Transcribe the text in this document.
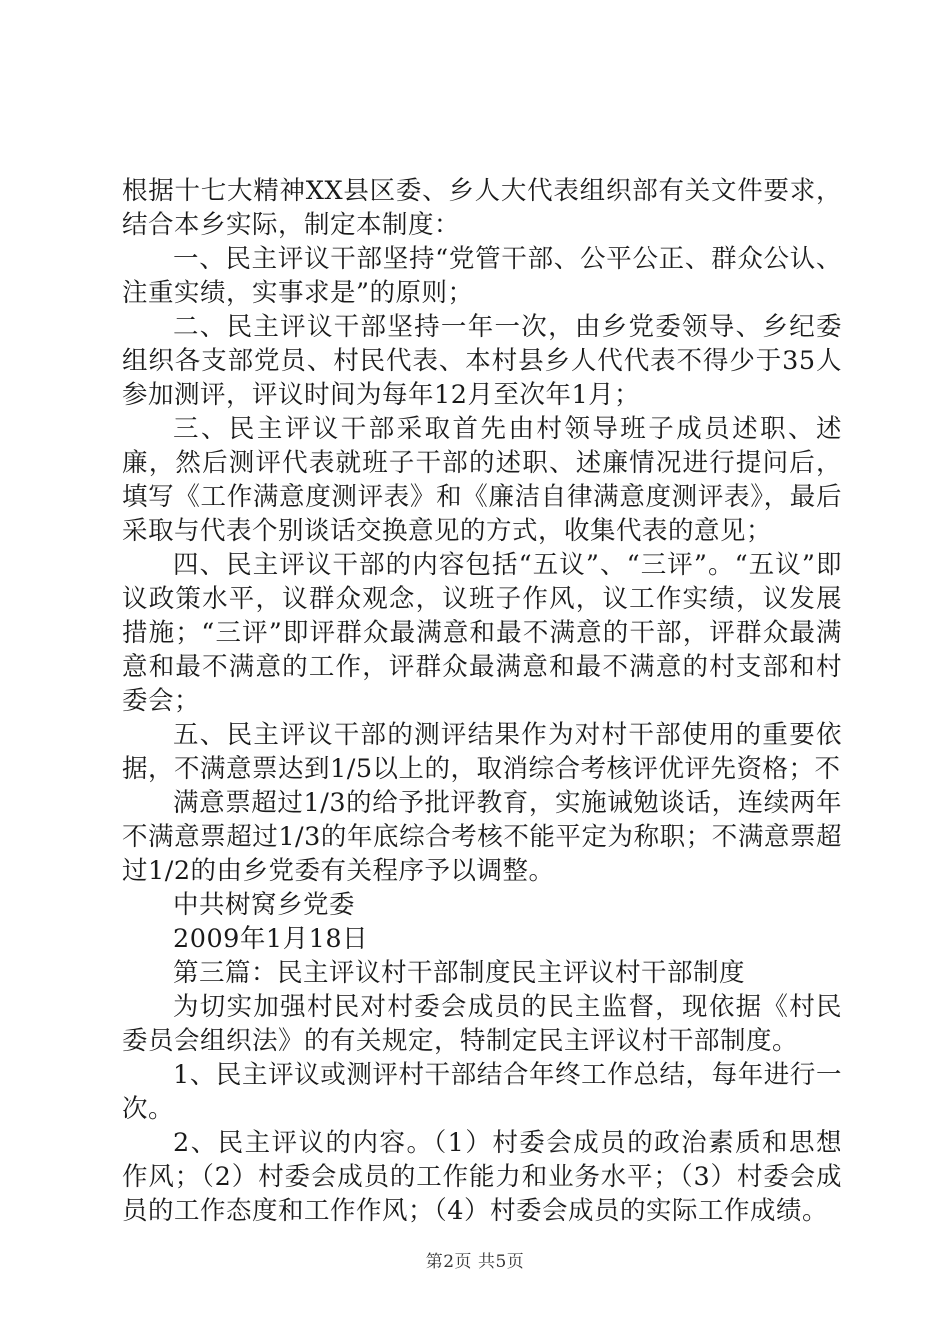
根据十七大精神XX县区委、乡人大代表组织部有关文件要求，结合本乡实际，制定本制度：

一、民主评议干部坚持“党管干部、公平公正、群众公认、注重实绩，实事求是”的原则；

二、民主评议干部坚持一年一次，由乡党委领导、乡纪委组织各支部党员、村民代表、本村县乡人代代表不得少于35人参加测评，评议时间为每年12月至次年1月；

三、民主评议干部采取首先由村领导班子成员述职、述廉，然后测评代表就班子干部的述职、述廉情况进行提问后，填写《工作满意度测评表》和《廉洁自律满意度测评表》，最后采取与代表个别谈话交换意见的方式，收集代表的意见；

四、民主评议干部的内容包括“五议”、“三评”。“五议”即议政策水平，议群众观念，议班子作风，议工作实绩，议发展措施；“三评”即评群众最满意和最不满意的干部，评群众最满意和最不满意的工作，评群众最满意和最不满意的村支部和村委会；

五、民主评议干部的测评结果作为对村干部使用的重要依据，不满意票达到1/5以上的，取消综合考核评优评先资格；不

满意票超过1/3的给予批评教育，实施诫勉谈话，连续两年不满意票超过1/3的年底综合考核不能平定为称职；不满意票超过1/2的由乡党委有关程序予以调整。

中共树窝乡党委

2009年1月18日

第三篇：民主评议村干部制度民主评议村干部制度

为切实加强村民对村委会成员的民主监督，现依据《村民委员会组织法》的有关规定，特制定民主评议村干部制度。

1、民主评议或测评村干部结合年终工作总结，每年进行一次。

2、民主评议的内容。（1）村委会成员的政治素质和思想作风；（2）村委会成员的工作能力和业务水平；（3）村委会成员的工作态度和工作作风；（4）村委会成员的实际工作成绩。

第2页 共5页
